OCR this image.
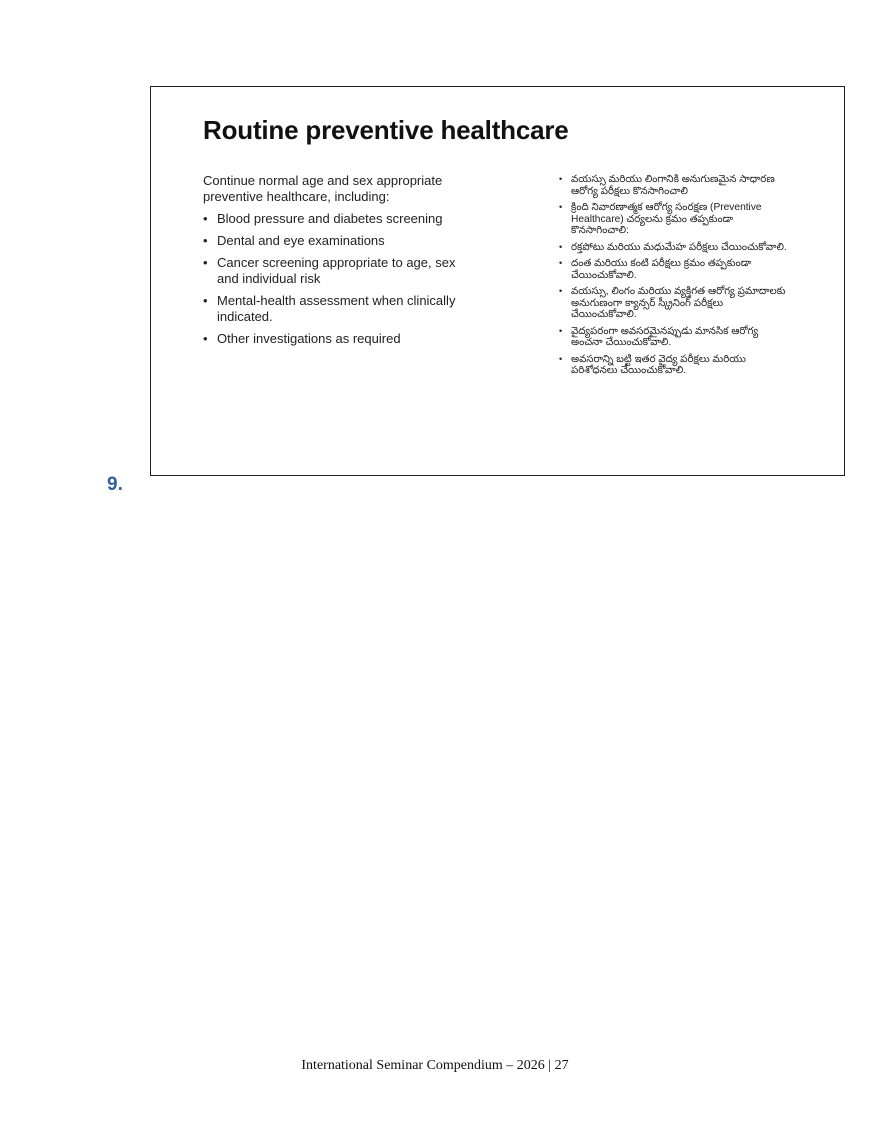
Routine preventive healthcare

Continue normal age and sex appropriate preventive healthcare, including:

• Blood pressure and diabetes screening
• Dental and eye examinations
• Cancer screening appropriate to age, sex and individual risk
• Mental-health assessment when clinically indicated.
• Other investigations as required
• వయస్సు మరియు లింగానికి అనుగుణమైన సాధారణ ఆరోగ్య పరీక్షలు కొనసాగించాలి
• క్రింది నివారణాత్మక ఆరోగ్య సంరక్షణ (Preventive Healthcare) చర్యలను క్రమం తప్పకుండా కొనసాగించాలి:
• రక్తపోటు మరియు మధుమేహ పరీక్షలు చేయించుకోవాలి.
• దంత మరియు కంటి పరీక్షలు క్రమం తప్పకుండా చేయించుకోవాలి.
• వయస్సు, లింగం మరియు వ్యక్తిగత ఆరోగ్య ప్రమాదాలకు అనుగుణంగా క్యాన్సర్ స్క్రీనింగ్ పరీక్షలు చేయించుకోవాలి.
• వైద్యపరంగా అవసరమైనప్పుడు మానసిక ఆరోగ్య అంచనా చేయించుకోవాలి.
• అవసరాన్ని బట్టి ఇతర వైద్య పరీక్షలు మరియు పరిశోధనలు చేయించుకోవాలి.
9.
International Seminar Compendium – 2026 | 27
